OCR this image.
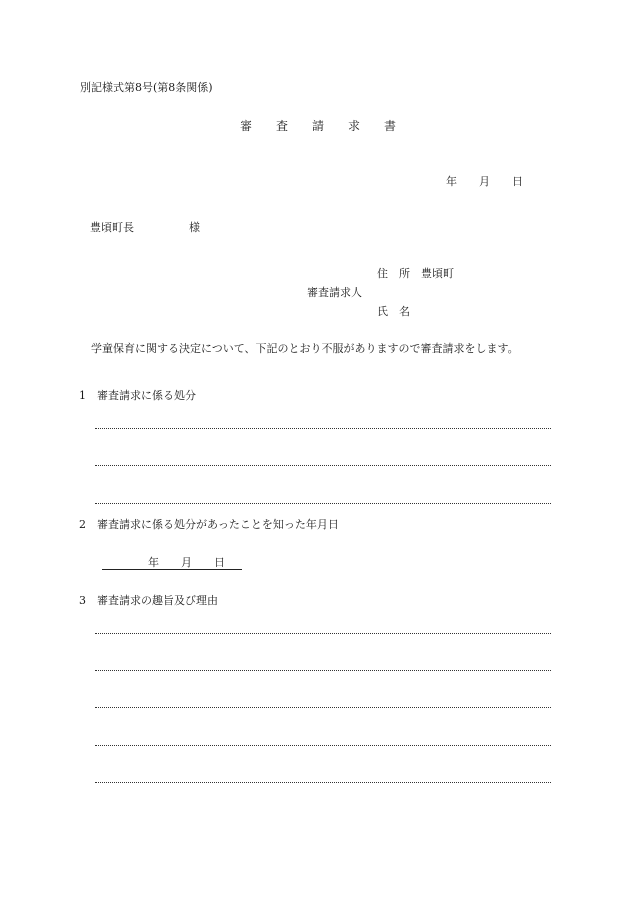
別記様式第8号(第8条関係)
審　　査　　請　　求　　書
年　　月　　日
豊頃町長　　　　　様
住　所　豊頃町
審査請求人
氏　名
学童保育に関する決定について、下記のとおり不服がありますので審査請求をします。
1 審査請求に係る処分
2 審査請求に係る処分があったことを知った年月日
年　　月　　日
3 審査請求の趣旨及び理由
